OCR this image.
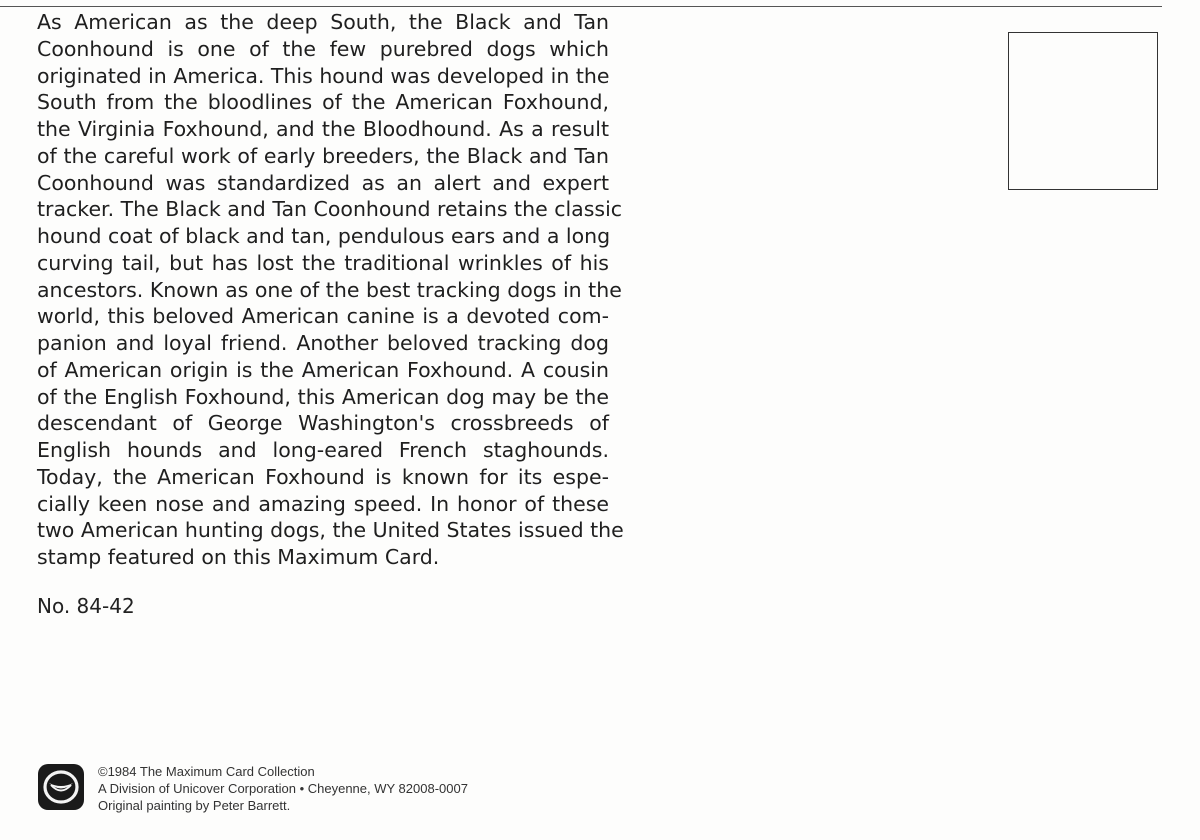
As American as the deep South, the Black and Tan
Coonhound is one of the few purebred dogs which
originated in America. This hound was developed in the
South from the bloodlines of the American Foxhound,
the Virginia Foxhound, and the Bloodhound. As a result
of the careful work of early breeders, the Black and Tan
Coonhound was standardized as an alert and expert
tracker. The Black and Tan Coonhound retains the classic
hound coat of black and tan, pendulous ears and a long
curving tail, but has lost the traditional wrinkles of his
ancestors. Known as one of the best tracking dogs in the
world, this beloved American canine is a devoted com-
panion and loyal friend. Another beloved tracking dog
of American origin is the American Foxhound. A cousin
of the English Foxhound, this American dog may be the
descendant of George Washington's crossbreeds of
English hounds and long-eared French staghounds.
Today, the American Foxhound is known for its espe-
cially keen nose and amazing speed. In honor of these
two American hunting dogs, the United States issued the
stamp featured on this Maximum Card.
No. 84-42
©1984 The Maximum Card Collection
A Division of Unicover Corporation • Cheyenne, WY 82008-0007
Original painting by Peter Barrett.
